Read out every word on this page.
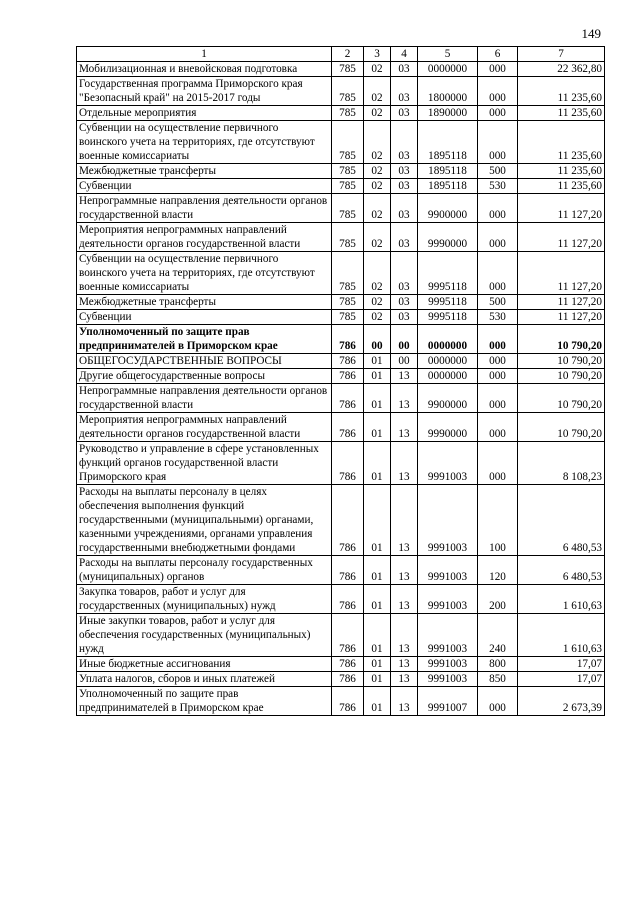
149
1	2	3	4	5	6	7
Мобилизационная и вневойсковая подготовка	785	02	03	0000000	000	22 362,80
Государственная программа Приморского края "Безопасный край" на 2015-2017 годы	785	02	03	1800000	000	11 235,60
Отдельные мероприятия	785	02	03	1890000	000	11 235,60
Субвенции на осуществление первичного воинского учета на территориях, где отсутствуют военные комиссариаты	785	02	03	1895118	000	11 235,60
Межбюджетные трансферты	785	02	03	1895118	500	11 235,60
Субвенции	785	02	03	1895118	530	11 235,60
Непрограммные направления деятельности органов государственной власти	785	02	03	9900000	000	11 127,20
Мероприятия непрограммных направлений деятельности органов государственной власти	785	02	03	9990000	000	11 127,20
Субвенции на осуществление первичного воинского учета на территориях, где отсутствуют военные комиссариаты	785	02	03	9995118	000	11 127,20
Межбюджетные трансферты	785	02	03	9995118	500	11 127,20
Субвенции	785	02	03	9995118	530	11 127,20
Уполномоченный по защите прав предпринимателей в Приморском крае	786	00	00	0000000	000	10 790,20
ОБЩЕГОСУДАРСТВЕННЫЕ ВОПРОСЫ	786	01	00	0000000	000	10 790,20
Другие общегосударственные вопросы	786	01	13	0000000	000	10 790,20
Непрограммные направления деятельности органов государственной власти	786	01	13	9900000	000	10 790,20
Мероприятия непрограммных направлений деятельности органов государственной власти	786	01	13	9990000	000	10 790,20
Руководство и управление в сфере установленных функций органов государственной власти Приморского края	786	01	13	9991003	000	8 108,23
Расходы на выплаты персоналу в целях обеспечения выполнения функций государственными (муниципальными) органами, казенными учреждениями, органами управления государственными внебюджетными фондами	786	01	13	9991003	100	6 480,53
Расходы на выплаты персоналу государственных (муниципальных) органов	786	01	13	9991003	120	6 480,53
Закупка товаров, работ и услуг для государственных (муниципальных) нужд	786	01	13	9991003	200	1 610,63
Иные закупки товаров, работ и услуг для обеспечения государственных (муниципальных) нужд	786	01	13	9991003	240	1 610,63
Иные бюджетные ассигнования	786	01	13	9991003	800	17,07
Уплата налогов, сборов и иных платежей	786	01	13	9991003	850	17,07
Уполномоченный по защите прав предпринимателей в Приморском крае	786	01	13	9991007	000	2 673,39
